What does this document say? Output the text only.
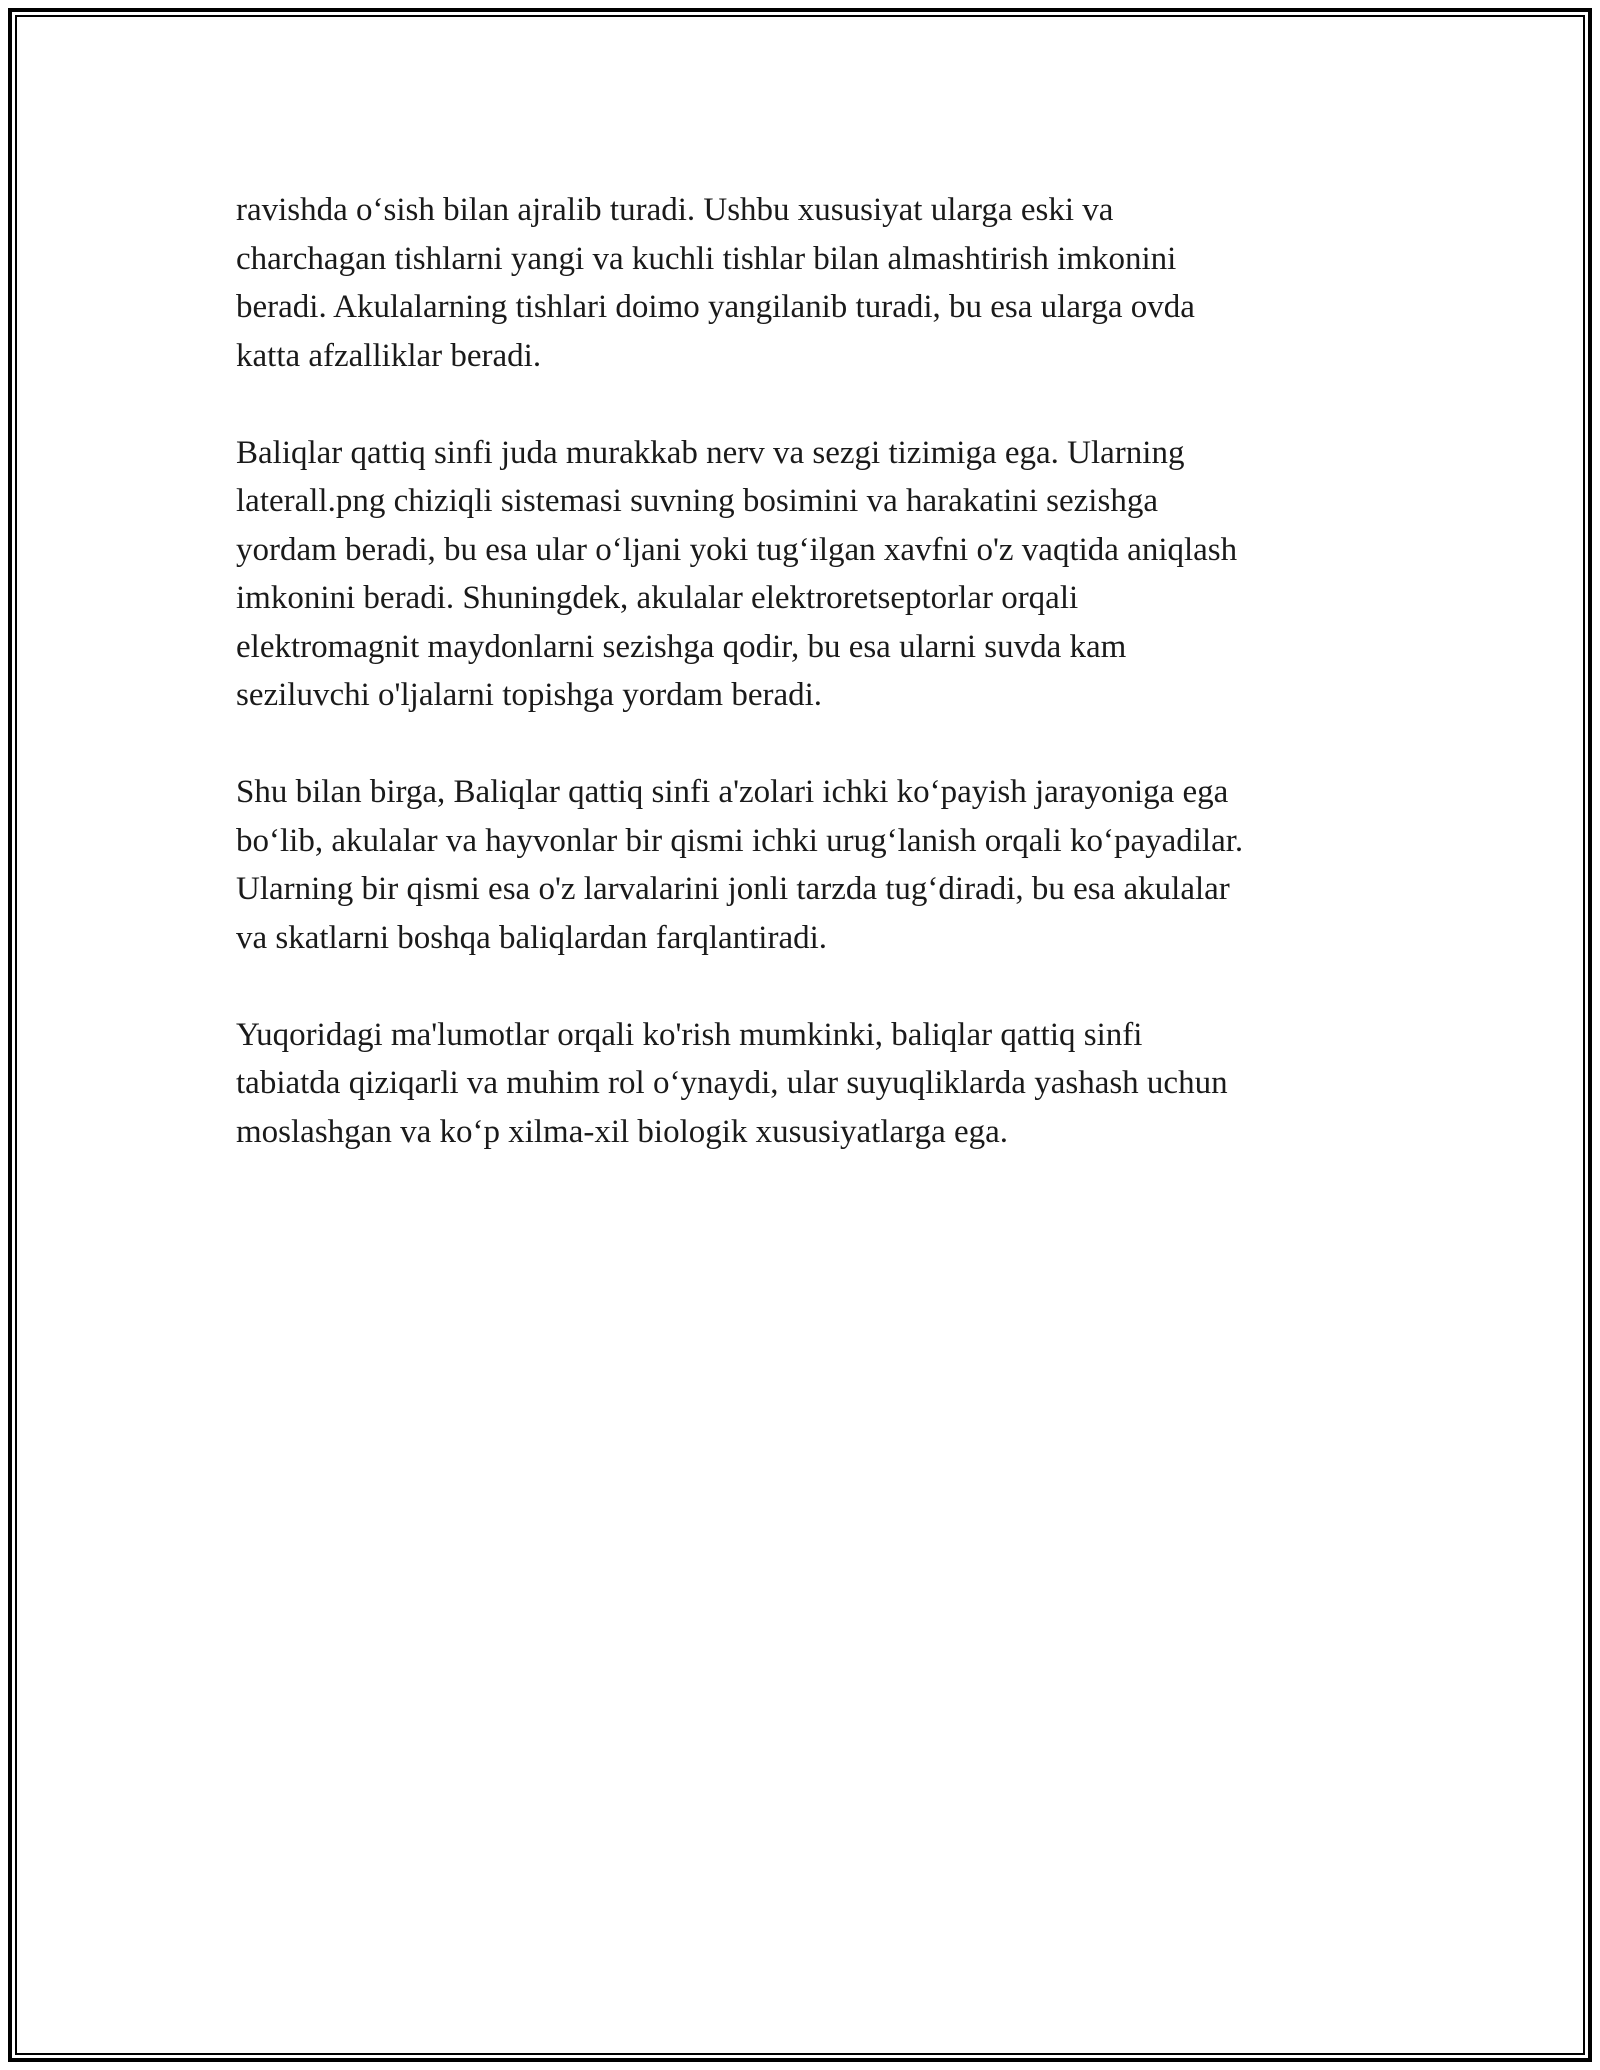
ravishda o‘sish bilan ajralib turadi. Ushbu xususiyat ularga eski va
charchagan tishlarni yangi va kuchli tishlar bilan almashtirish imkonini
beradi. Akulalarning tishlari doimo yangilanib turadi, bu esa ularga ovda
katta afzalliklar beradi.

Baliqlar qattiq sinfi juda murakkab nerv va sezgi tizimiga ega. Ularning
laterall.png chiziqli sistemasi suvning bosimini va harakatini sezishga
yordam beradi, bu esa ular o‘ljani yoki tug‘ilgan xavfni o'z vaqtida aniqlash
imkonini beradi. Shuningdek, akulalar elektroretseptorlar orqali
elektromagnit maydonlarni sezishga qodir, bu esa ularni suvda kam
seziluvchi o'ljalarni topishga yordam beradi.

Shu bilan birga, Baliqlar qattiq sinfi a'zolari ichki ko‘payish jarayoniga ega
bo‘lib, akulalar va hayvonlar bir qismi ichki urug‘lanish orqali ko‘payadilar.
Ularning bir qismi esa o'z larvalarini jonli tarzda tug‘diradi, bu esa akulalar
va skatlarni boshqa baliqlardan farqlantiradi.

Yuqoridagi ma'lumotlar orqali ko'rish mumkinki, baliqlar qattiq sinfi
tabiatda qiziqarli va muhim rol o‘ynaydi, ular suyuqliklarda yashash uchun
moslashgan va ko‘p xilma-xil biologik xususiyatlarga ega.
